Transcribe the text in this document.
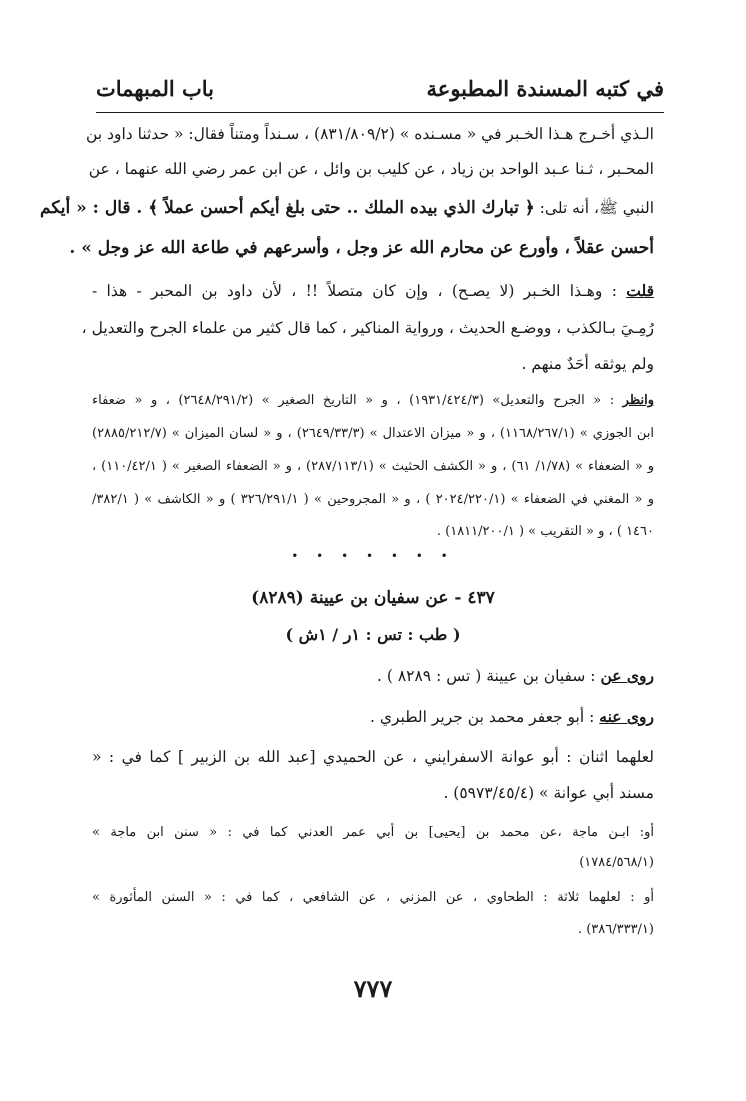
في كتبه المسندة المطبوعة
باب المبهمات
الـذي أخـرج هـذا الخـبر في « مسـنده » (٨٣١/٨٠٩/٢) ، سـنداً ومتناً فقال: « حدثنا داود بن
المحـبر ، ثـنا عـبد الواحد بن زياد ، عن كليب بن وائل ، عن ابن عمر رضي الله عنهما ، عن
النبي ﷺ، أنه تلى: ﴿ تبارك الذي بيده الملك .. حتى بلغ أيكم أحسن عملاً ﴾ . قال : « أيكم
أحسن عقلاً ، وأورع عن محارم الله عز وجل ، وأسرعهم في طاعة الله عز وجل » .
قلت : وهـذا الخـبر (لا يصـح) ، وإن كان متصلاً !! ، لأن داود بن المحبر - هذا -
رُمِـيَ بـالكذب ، ووضـع الحديث ، ورواية المناكير ، كما قال كثير من علماء الجرح والتعديل ،
ولم يوثقه أحَدٌ منهم .
وانظر : « الجرح والتعديل» (١٩٣١/٤٢٤/٣) ، و « التاريخ الصغير » (٢٦٤٨/٢٩١/٢) ، و « ضعفاء
ابن الجوزي » (١١٦٨/٢٦٧/١) ، و « ميزان الاعتدال » (٢٦٤٩/٣٣/٣) ، و « لسان الميزان » (٢٨٨٥/٢١٢/٧)
و « الضعفاء » (١/٧٨/ ٦١) ، و « الكشف الحثيث » (٢٨٧/١١٣/١) ، و « الضعفاء الصغير » ( ١١٠/٤٢/١) ،
و « المغني في الضعفاء » (٢٠٢٤/٢٢٠/١ ) ، و « المجروحين » ( ٣٢٦/٢٩١/١ ) و « الكاشف » ( ٣٨٢/١/
١٤٦٠ ) ، و « التقريب » ( ١٨١١/٢٠٠/١) .
• • • • • • •
٤٣٧ - عن سفيان بن عيينة (٨٢٨٩)
( طب : تس : ١ر / ١ش )
روى عن : سفيان بن عيينة ( تس : ٨٢٨٩ ) .
روى عنه : أبو جعفر محمد بن جرير الطبري .
لعلهما اثنان : أبو عوانة الاسفرايني ، عن الحميدي [عبد الله بن الزبير ] كما في : «
مسند أبي عوانة » (٥٩٧٣/٤٥/٤) .
أو: ابـن ماجة ،عن محمد بن [يحيى] بن أبي عمر العدني كما في : « سنن ابن ماجة »
(١٧٨٤/٥٦٨/١)
أو : لعلهما ثلاثة : الطحاوي ، عن المزني ، عن الشافعي ، كما في : « السنن المأثورة »
(٣٨٦/٣٣٣/١) .
٧٧٧
